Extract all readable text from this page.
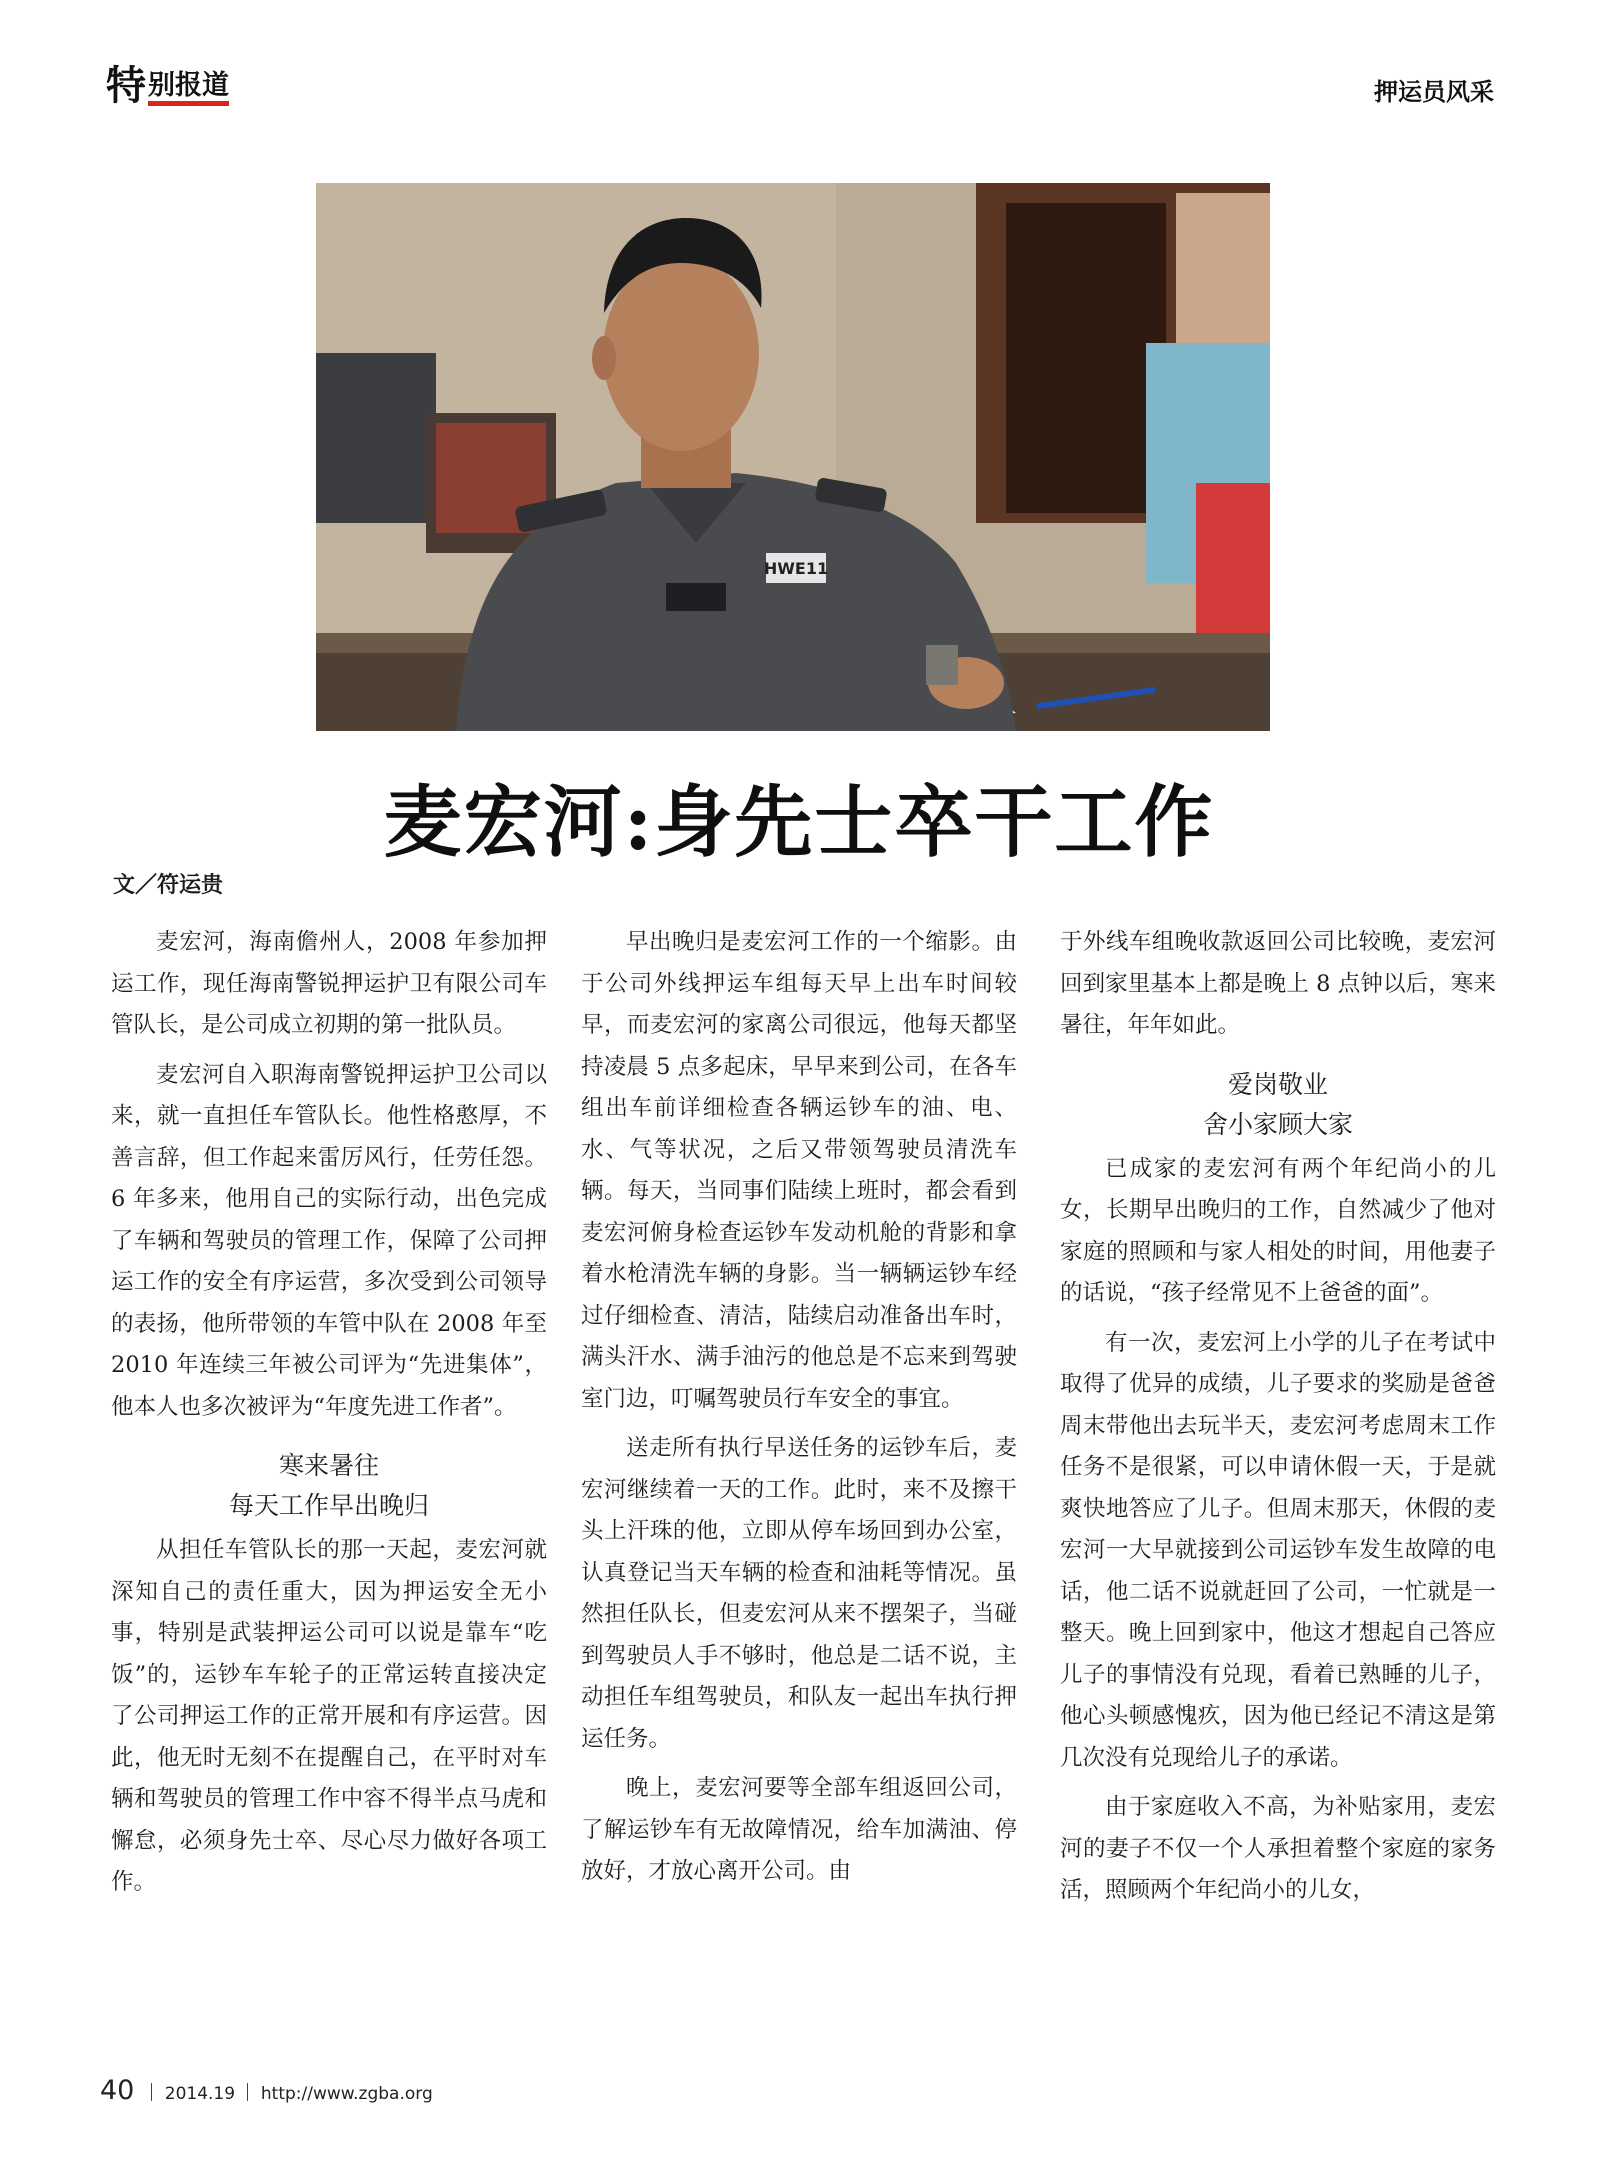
特 别报道	押运员风采
HWE11
麦宏河:身先士卒干工作
文／符运贵

麦宏河，海南儋州人，2008 年参加押运工作，现任海南警锐押运护卫有限公司车管队长，是公司成立初期的第一批队员。

麦宏河自入职海南警锐押运护卫公司以来，就一直担任车管队长。他性格憨厚，不善言辞，但工作起来雷厉风行，任劳任怨。6 年多来，他用自己的实际行动，出色完成了车辆和驾驶员的管理工作，保障了公司押运工作的安全有序运营，多次受到公司领导的表扬，他所带领的车管中队在 2008 年至 2010 年连续三年被公司评为“先进集体”，他本人也多次被评为“年度先进工作者”。

寒来暑往
每天工作早出晚归

从担任车管队长的那一天起，麦宏河就深知自己的责任重大，因为押运安全无小事，特别是武装押运公司可以说是靠车“吃饭”的，运钞车车轮子的正常运转直接决定了公司押运工作的正常开展和有序运营。因此，他无时无刻不在提醒自己，在平时对车辆和驾驶员的管理工作中容不得半点马虎和懈怠，必须身先士卒、尽心尽力做好各项工作。

早出晚归是麦宏河工作的一个缩影。由于公司外线押运车组每天早上出车时间较早，而麦宏河的家离公司很远，他每天都坚持凌晨 5 点多起床，早早来到公司，在各车组出车前详细检查各辆运钞车的油、电、水、气等状况，之后又带领驾驶员清洗车辆。每天，当同事们陆续上班时，都会看到麦宏河俯身检查运钞车发动机舱的背影和拿着水枪清洗车辆的身影。当一辆辆运钞车经过仔细检查、清洁，陆续启动准备出车时，满头汗水、满手油污的他总是不忘来到驾驶室门边，叮嘱驾驶员行车安全的事宜。

送走所有执行早送任务的运钞车后，麦宏河继续着一天的工作。此时，来不及擦干头上汗珠的他，立即从停车场回到办公室，认真登记当天车辆的检查和油耗等情况。虽然担任队长，但麦宏河从来不摆架子，当碰到驾驶员人手不够时，他总是二话不说，主动担任车组驾驶员，和队友一起出车执行押运任务。

晚上，麦宏河要等全部车组返回公司，了解运钞车有无故障情况，给车加满油、停放好，才放心离开公司。由

于外线车组晚收款返回公司比较晚，麦宏河回到家里基本上都是晚上 8 点钟以后，寒来暑往，年年如此。

爱岗敬业
舍小家顾大家

已成家的麦宏河有两个年纪尚小的儿女，长期早出晚归的工作，自然减少了他对家庭的照顾和与家人相处的时间，用他妻子的话说，“孩子经常见不上爸爸的面”。

有一次，麦宏河上小学的儿子在考试中取得了优异的成绩，儿子要求的奖励是爸爸周末带他出去玩半天，麦宏河考虑周末工作任务不是很紧，可以申请休假一天，于是就爽快地答应了儿子。但周末那天，休假的麦宏河一大早就接到公司运钞车发生故障的电话，他二话不说就赶回了公司，一忙就是一整天。晚上回到家中，他这才想起自己答应儿子的事情没有兑现，看着已熟睡的儿子，他心头顿感愧疚，因为他已经记不清这是第几次没有兑现给儿子的承诺。

由于家庭收入不高，为补贴家用，麦宏河的妻子不仅一个人承担着整个家庭的家务活，照顾两个年纪尚小的儿女，

40	2014.19 http://www.zgba.org
